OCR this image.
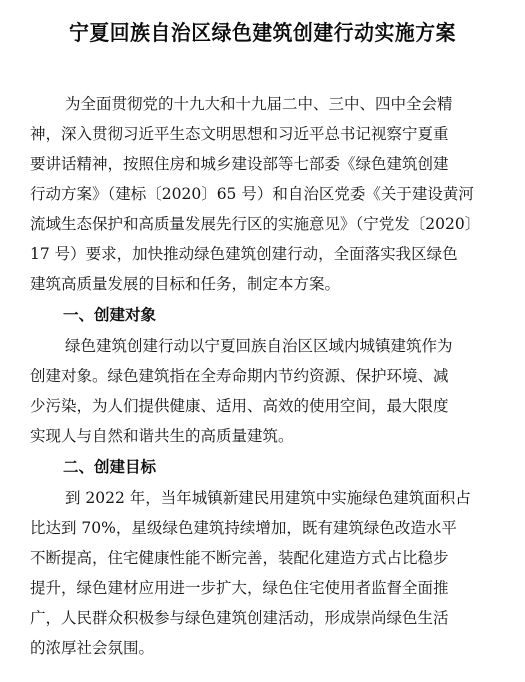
宁夏回族自治区绿色建筑创建行动实施方案
为全面贯彻党的十九大和十九届二中、三中、四中全会精
神，深入贯彻习近平生态文明思想和习近平总书记视察宁夏重
要讲话精神，按照住房和城乡建设部等七部委《绿色建筑创建
行动方案》（建标〔2020〕65 号）和自治区党委《关于建设黄河
流域生态保护和高质量发展先行区的实施意见》（宁党发〔2020〕
17 号）要求，加快推动绿色建筑创建行动，全面落实我区绿色
建筑高质量发展的目标和任务，制定本方案。
一、创建对象
绿色建筑创建行动以宁夏回族自治区区域内城镇建筑作为
创建对象。绿色建筑指在全寿命期内节约资源、保护环境、减
少污染，为人们提供健康、适用、高效的使用空间，最大限度
实现人与自然和谐共生的高质量建筑。
二、创建目标
到 2022 年，当年城镇新建民用建筑中实施绿色建筑面积占
比达到 70%，星级绿色建筑持续增加，既有建筑绿色改造水平
不断提高，住宅健康性能不断完善，装配化建造方式占比稳步
提升，绿色建材应用进一步扩大，绿色住宅使用者监督全面推
广，人民群众积极参与绿色建筑创建活动，形成崇尚绿色生活
的浓厚社会氛围。
